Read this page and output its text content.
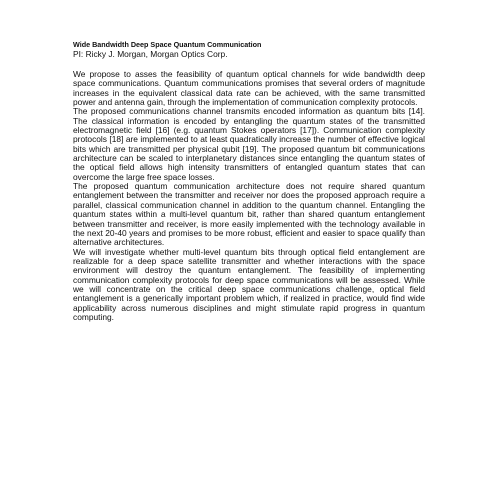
Wide Bandwidth Deep Space Quantum Communication

PI: Ricky J. Morgan, Morgan Optics Corp.

We propose to asses the feasibility of quantum optical channels for wide bandwidth deep space communications. Quantum communications promises that several orders of magnitude increases in the equivalent classical data rate can be achieved, with the same transmitted power and antenna gain, through the implementation of communication complexity protocols.

The proposed communications channel transmits encoded information as quantum bits [14]. The classical information is encoded by entangling the quantum states of the transmitted electromagnetic field [16] (e.g. quantum Stokes operators [17]). Communication complexity protocols [18] are implemented to at least quadratically increase the number of effective logical bits which are transmitted per physical qubit [19]. The proposed quantum bit communications architecture can be scaled to interplanetary distances since entangling the quantum states of the optical field allows high intensity transmitters of entangled quantum states that can overcome the large free space losses.

The proposed quantum communication architecture does not require shared quantum entanglement between the transmitter and receiver nor does the proposed approach require a parallel, classical communication channel in addition to the quantum channel. Entangling the quantum states within a multi-level quantum bit, rather than shared quantum entanglement between transmitter and receiver, is more easily implemented with the technology available in the next 20-40 years and promises to be more robust, efficient and easier to space qualify than alternative architectures.

We will investigate whether multi-level quantum bits through optical field entanglement are realizable for a deep space satellite transmitter and whether interactions with the space environment will destroy the quantum entanglement. The feasibility of implementing communication complexity protocols for deep space communications will be assessed. While we will concentrate on the critical deep space communications challenge, optical field entanglement is a generically important problem which, if realized in practice, would find wide applicability across numerous disciplines and might stimulate rapid progress in quantum computing.
